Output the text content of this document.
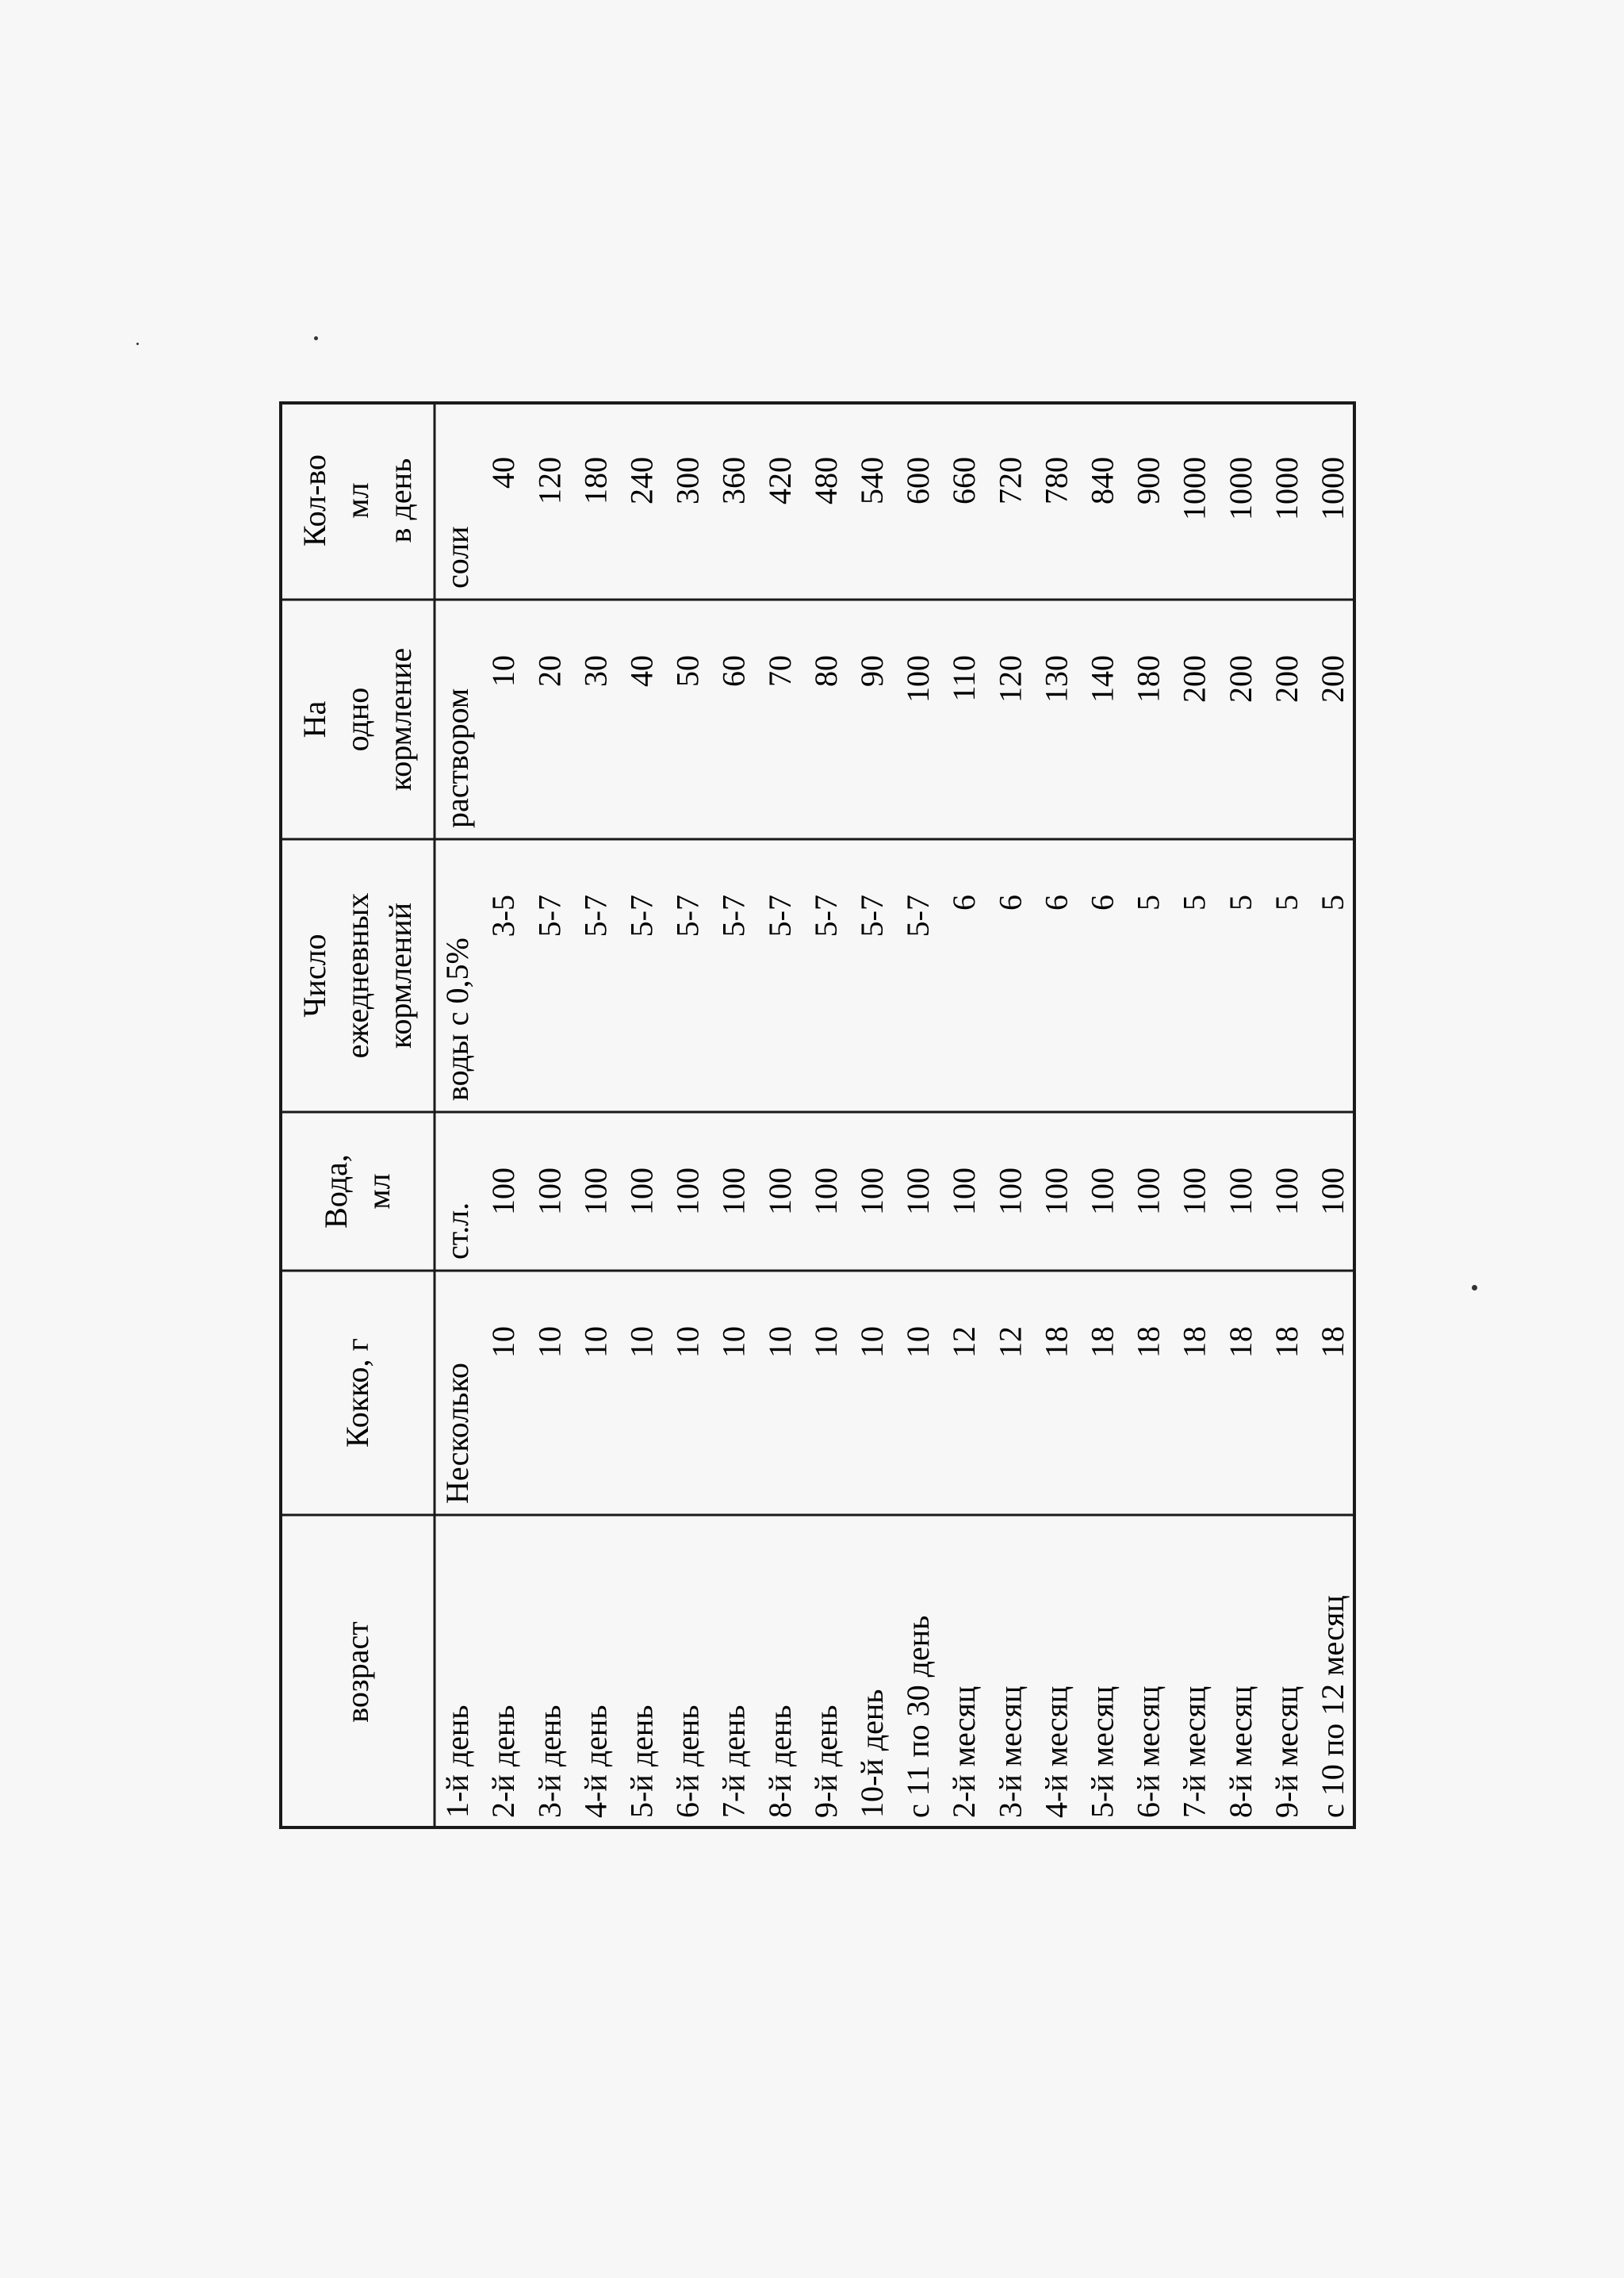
возраст
Кокко, г
Вода, мл
Число ежедневных кормлений
На одно кормление
Кол-во мл в день
1-й день
Несколько
ст.л.
воды с 0,5%
раствором
соли
2-й день
10
100
3-5
10
40
3-й день
10
100
5-7
20
120
4-й день
10
100
5-7
30
180
5-й день
10
100
5-7
40
240
6-й день
10
100
5-7
50
300
7-й день
10
100
5-7
60
360
8-й день
10
100
5-7
70
420
9-й день
10
100
5-7
80
480
10-й день
10
100
5-7
90
540
с 11 по 30 день
10
100
5-7
100
600
2-й месяц
12
100
6
110
660
3-й месяц
12
100
6
120
720
4-й месяц
18
100
6
130
780
5-й месяц
18
100
6
140
840
6-й месяц
18
100
5
180
900
7-й месяц
18
100
5
200
1000
8-й месяц
18
100
5
200
1000
9-й месяц
18
100
5
200
1000
с 10 по 12 месяц
18
100
5
200
1000
